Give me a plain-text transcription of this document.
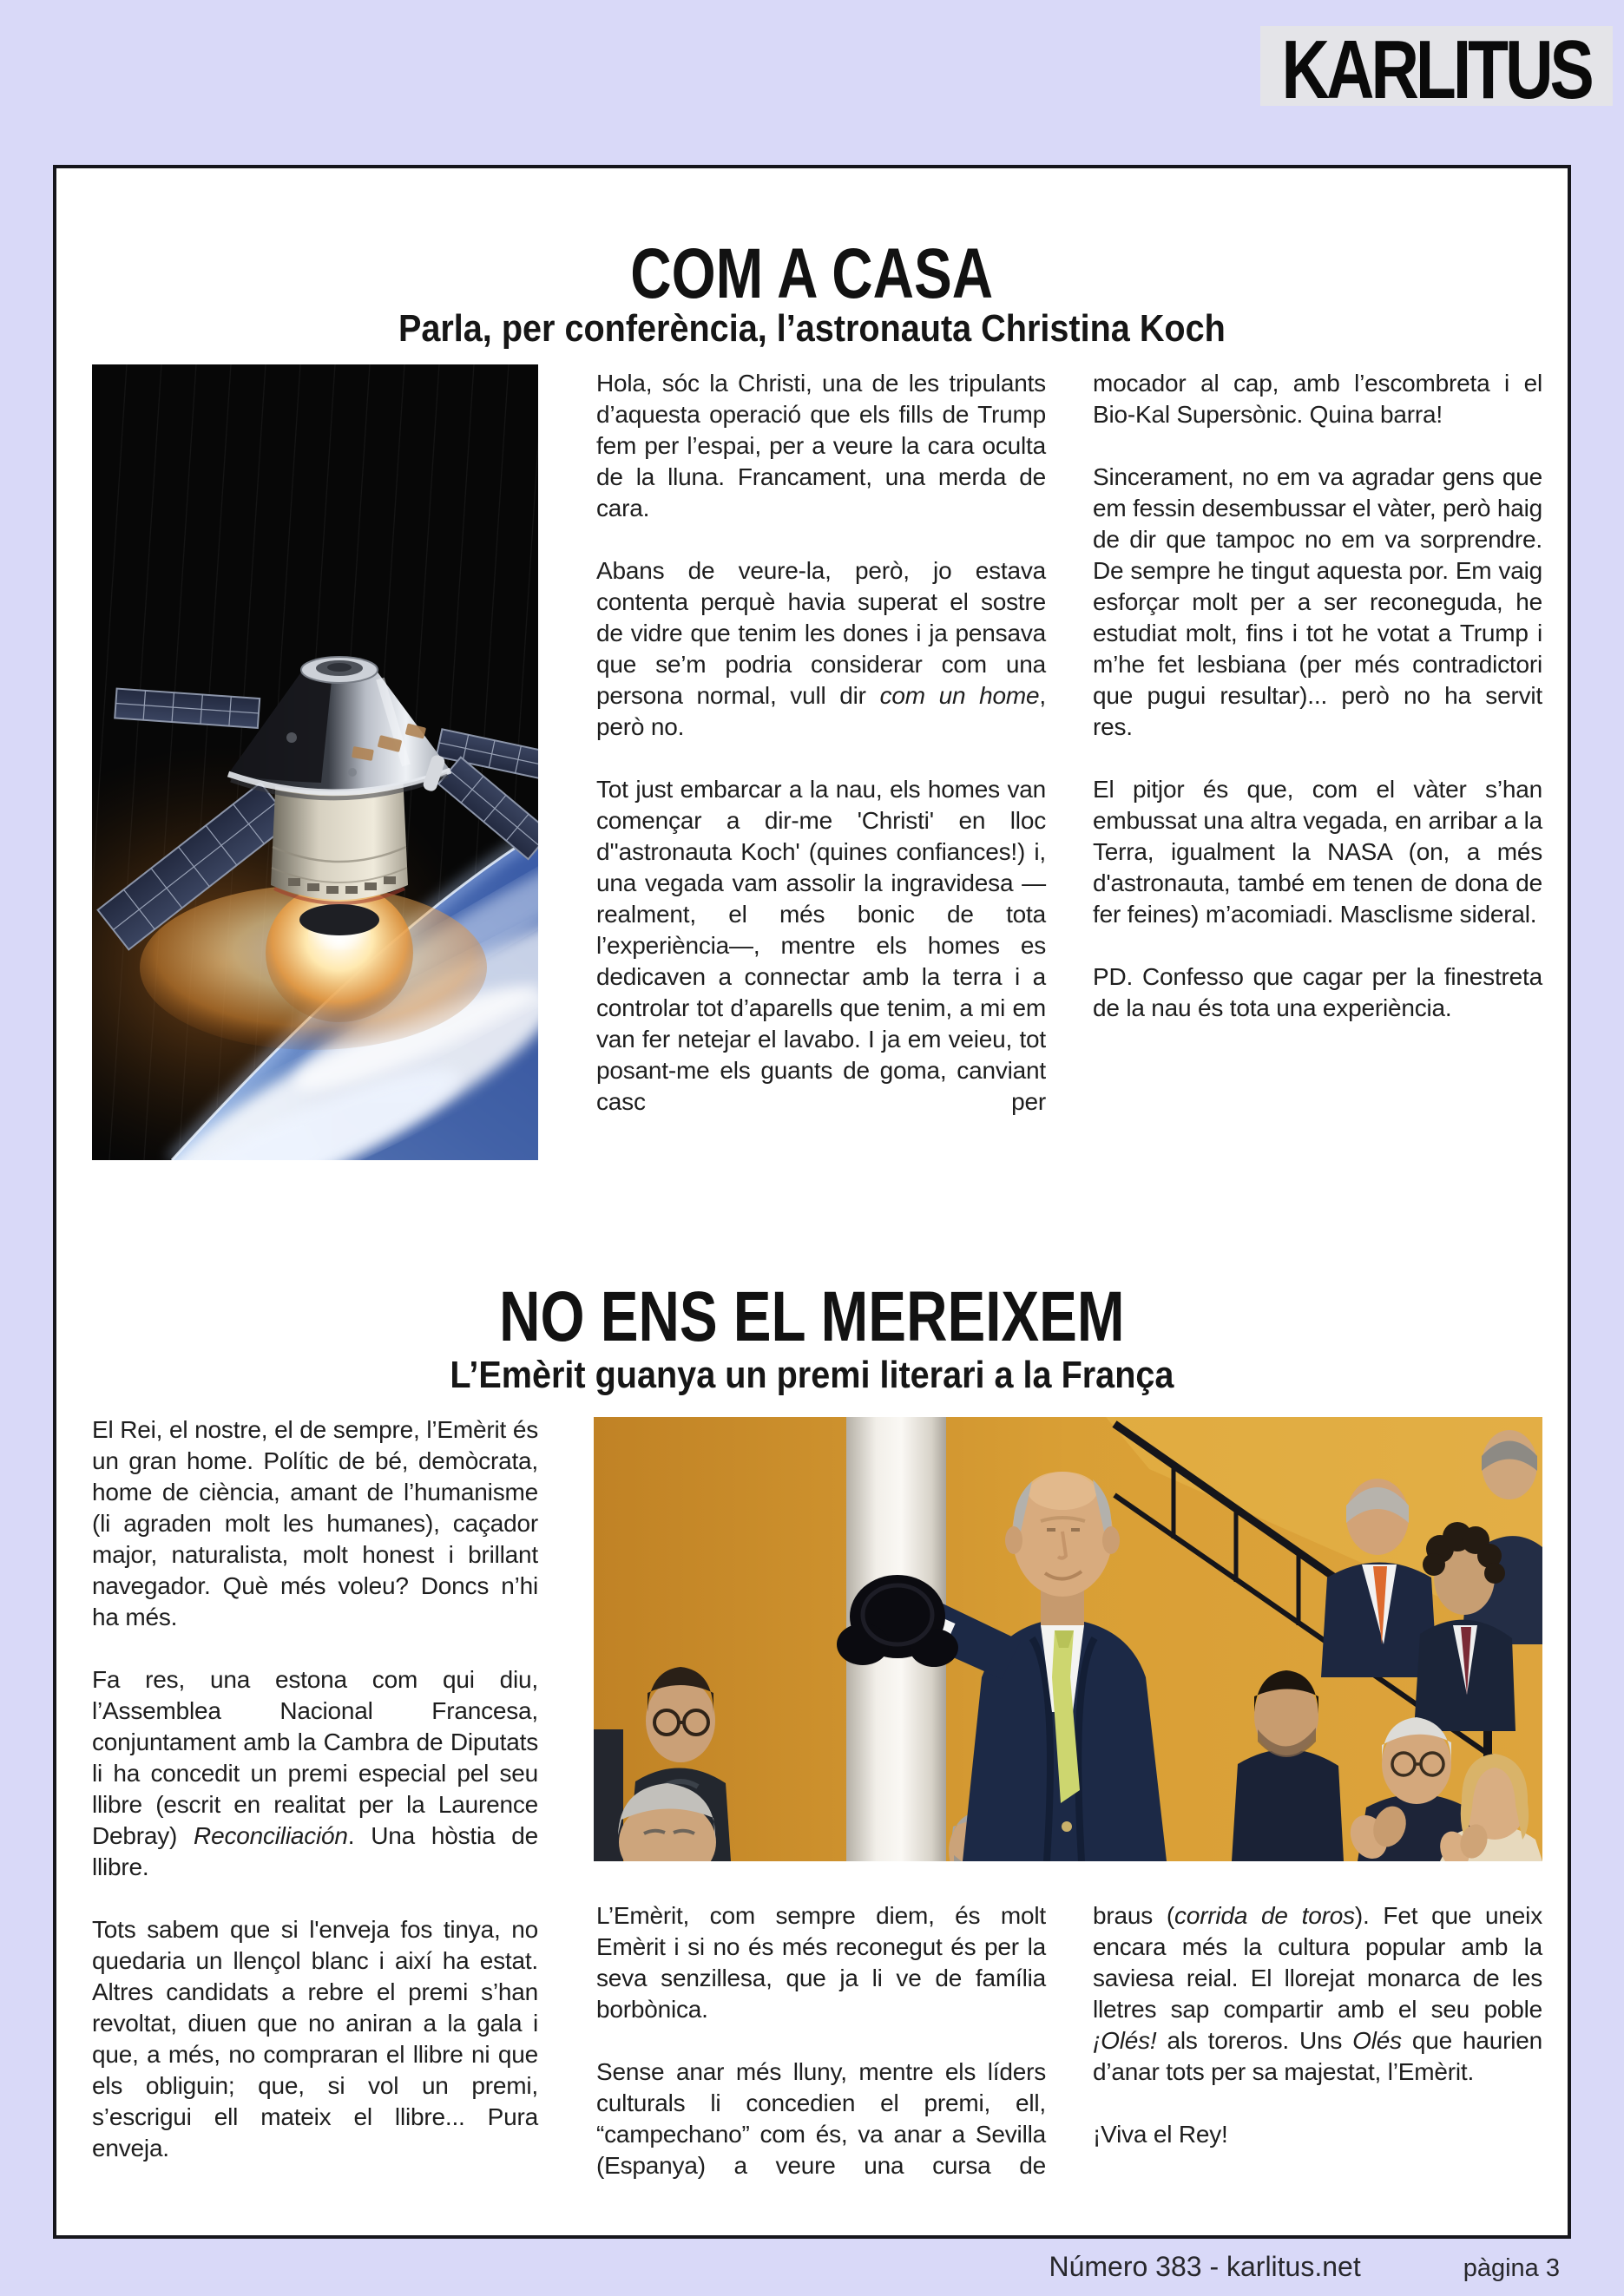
KARLITUS
COM A CASA
Parla, per conferència, l’astronauta Christina Koch

Hola, sóc la Christi, una de les tripulants d’aquesta operació que els fills de Trump fem per l’espai, per a veure la cara oculta de la lluna. Francament, una merda de cara.

Abans de veure-la, però, jo estava contenta perquè havia superat el sostre de vidre que tenim les dones i ja pensava que se’m podria considerar com una persona normal, vull dir com un home, però no.

Tot just embarcar a la nau, els homes van començar a dir-me 'Christi' en lloc d''astronauta Koch' (quines confiances!) i, una vegada vam assolir la ingravidesa —realment, el més bonic de tota l’experiència—, mentre els homes es dedicaven a connectar amb la terra i a controlar tot d’aparells que tenim, a mi em van fer netejar el lavabo. I ja em veieu, tot posant-me els guants de goma, canviant casc per

mocador al cap, amb l’escombreta i el Bio-Kal Supersònic. Quina barra!

Sincerament, no em va agradar gens que em fessin desembussar el vàter, però haig de dir que tampoc no em va sorprendre. De sempre he tingut aquesta por. Em vaig esforçar molt per a ser reconeguda, he estudiat molt, fins i tot he votat a Trump i m’he fet lesbiana (per més contradictori que pugui resultar)... però no ha servit res.

El pitjor és que, com el vàter s’han embussat una altra vegada, en arribar a la Terra, igualment la NASA (on, a més d'astronauta, també em tenen de dona de fer feines) m’acomiadi. Masclisme sideral.

PD. Confesso que cagar per la finestreta de la nau és tota una experiència.

NO ENS EL MEREIXEM
L’Emèrit guanya un premi literari a la França

El Rei, el nostre, el de sempre, l’Emèrit és un gran home. Polític de bé, demòcrata, home de ciència, amant de l’humanisme (li agraden molt les humanes), caçador major, naturalista, molt honest i brillant navegador. Què més voleu? Doncs n’hi ha més.

Fa res, una estona com qui diu, l’Assemblea Nacional Francesa, conjuntament amb la Cambra de Diputats li ha concedit un premi especial pel seu llibre (escrit en realitat per la Laurence Debray) Reconciliación. Una hòstia de llibre.

Tots sabem que si l'enveja fos tinya, no quedaria un llençol blanc i així ha estat. Altres candidats a rebre el premi s’han revoltat, diuen que no aniran a la gala i que, a més, no compraran el llibre ni que els obliguin; que, si vol un premi, s’escrigui ell mateix el llibre... Pura enveja.

L’Emèrit, com sempre diem, és molt Emèrit i si no és més reconegut és per la seva senzillesa, que ja li ve de família borbònica.

Sense anar més lluny, mentre els líders culturals li concedien el premi, ell, “campechano” com és, va anar a Sevilla (Espanya) a veure una cursa de

braus (corrida de toros). Fet que uneix encara més la cultura popular amb la saviesa reial. El llorejat monarca de les lletres sap compartir amb el seu poble ¡Olés! als toreros. Uns Olés que haurien d’anar tots per sa majestat, l’Emèrit.

¡Viva el Rey!

Número 383 - karlitus.net	pàgina 3
